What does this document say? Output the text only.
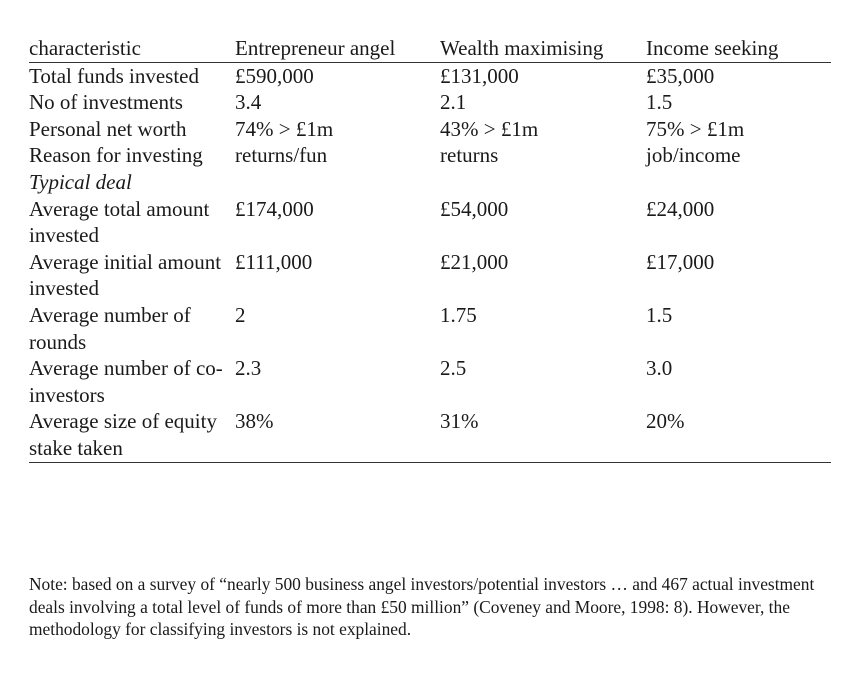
characteristic	Entrepreneur angel	Wealth maximising	Income seeking
Total funds invested	£590,000	£131,000	£35,000
No of investments	3.4	2.1	1.5
Personal net worth	74% > £1m	43% > £1m	75% > £1m
Reason for investing	returns/fun	returns	job/income
Typical deal			
Average total amount invested	£174,000	£54,000	£24,000
Average initial amount invested	£111,000	£21,000	£17,000
Average number of rounds	2	1.75	1.5
Average number of co-investors	2.3	2.5	3.0
Average size of equity stake taken	38%	31%	20%

Note: based on a survey of “nearly 500 business angel investors/potential investors … and 467 actual investment deals involving a total level of funds of more than £50 million” (Coveney and Moore, 1998: 8). However, the methodology for classifying investors is not explained.
